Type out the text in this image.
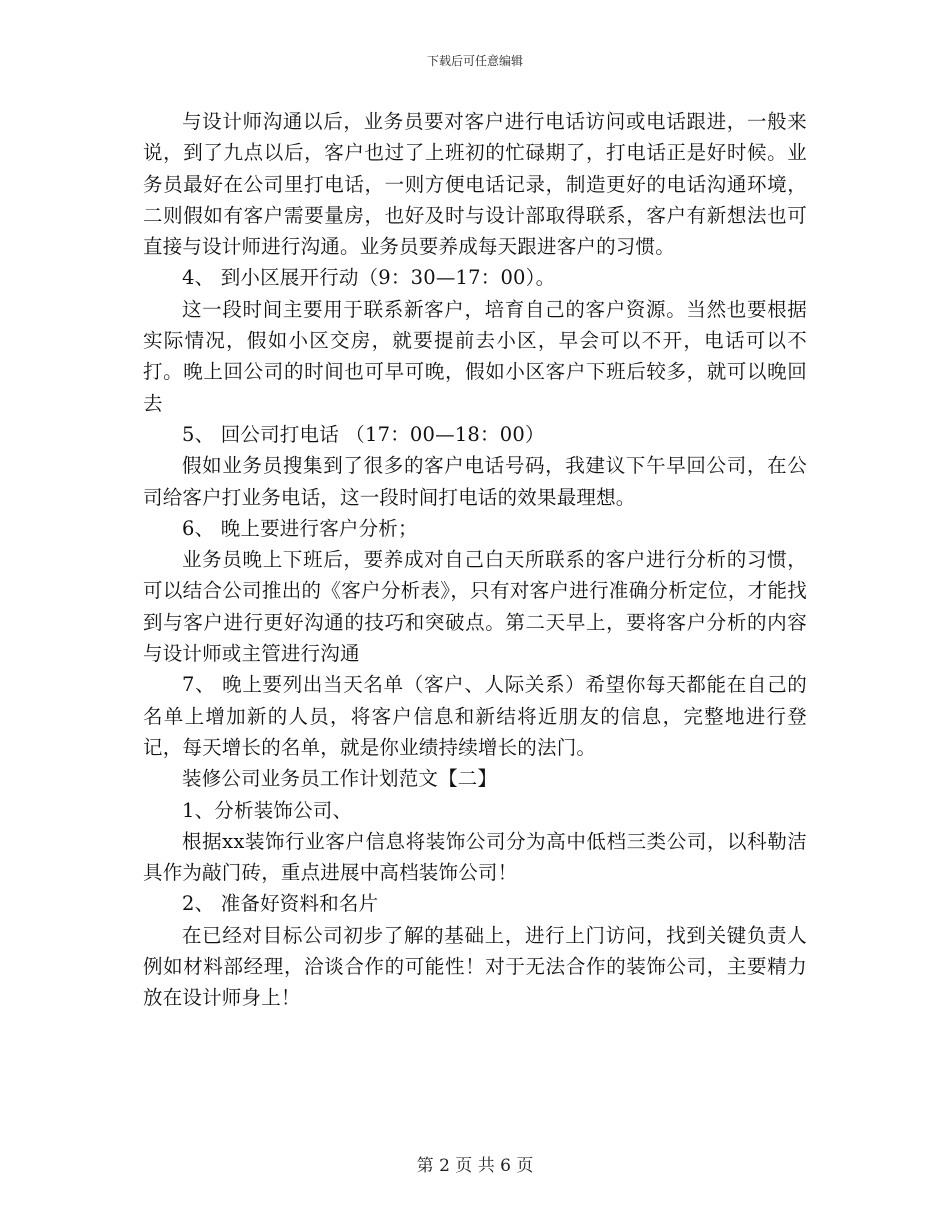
下载后可任意编辑

与设计师沟通以后，业务员要对客户进行电话访问或电话跟进，一般来说，到了九点以后，客户也过了上班初的忙碌期了，打电话正是好时候。业务员最好在公司里打电话，一则方便电话记录，制造更好的电话沟通环境，二则假如有客户需要量房，也好及时与设计部取得联系，客户有新想法也可直接与设计师进行沟通。业务员要养成每天跟进客户的习惯。

4、 到小区展开行动（9：30—17：00）。

这一段时间主要用于联系新客户，培育自己的客户资源。当然也要根据实际情况，假如小区交房，就要提前去小区，早会可以不开，电话可以不打。晚上回公司的时间也可早可晚，假如小区客户下班后较多，就可以晚回去

5、 回公司打电话 （17：00—18：00）

假如业务员搜集到了很多的客户电话号码，我建议下午早回公司，在公司给客户打业务电话，这一段时间打电话的效果最理想。

6、 晚上要进行客户分析；

业务员晚上下班后，要养成对自己白天所联系的客户进行分析的习惯，可以结合公司推出的《客户分析表》，只有对客户进行准确分析定位，才能找到与客户进行更好沟通的技巧和突破点。第二天早上，要将客户分析的内容与设计师或主管进行沟通

7、 晚上要列出当天名单（客户、人际关系）希望你每天都能在自己的名单上增加新的人员，将客户信息和新结将近朋友的信息，完整地进行登记，每天增长的名单，就是你业绩持续增长的法门。

装修公司业务员工作计划范文【二】

1、分析装饰公司、

根据xx装饰行业客户信息将装饰公司分为高中低档三类公司，以科勒洁具作为敲门砖，重点进展中高档装饰公司！

2、 准备好资料和名片

在已经对目标公司初步了解的基础上，进行上门访问，找到关键负责人例如材料部经理，洽谈合作的可能性！对于无法合作的装饰公司，主要精力放在设计师身上！

第 2 页 共 6 页
